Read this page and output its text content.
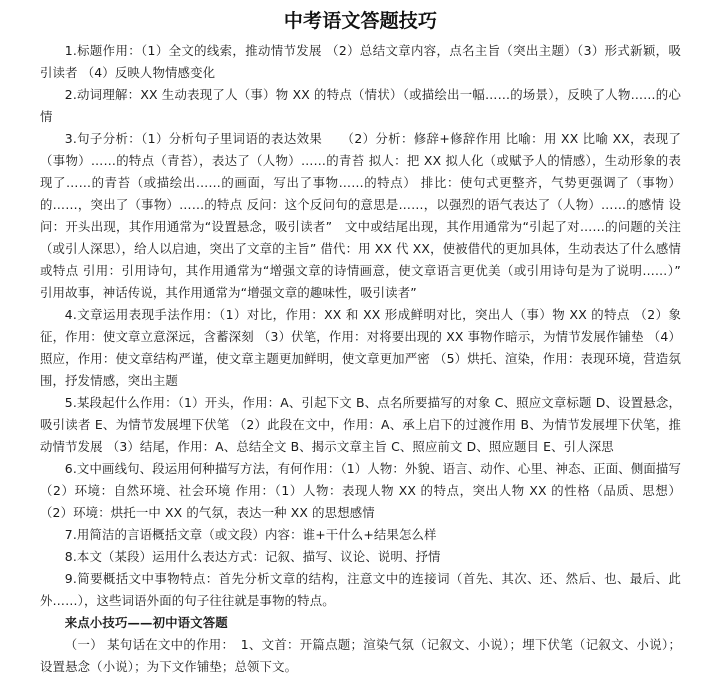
中考语文答题技巧

1.标题作用：（1）全文的线索，推动情节发展 （2）总结文章内容，点名主旨（突出主题）（3）形式新颖，吸引读者 （4）反映人物情感变化

2.动词理解：XX 生动表现了人（事）物 XX 的特点（情状）（或描绘出一幅……的场景），反映了人物……的心情

3.句子分析：（1）分析句子里词语的表达效果　　（2）分析：修辞+修辞作用 比喻：用 XX 比喻 XX，表现了（事物）……的特点（青苔），表达了（人物）……的青苔 拟人：把 XX 拟人化（或赋予人的情感），生动形象的表现了……的青苔（或描绘出……的画面，写出了事物……的特点） 排比：使句式更整齐，气势更强调了（事物）的……，突出了（事物）……的特点 反问：这个反问句的意思是……，以强烈的语气表达了（人物）……的感情 设问：开头出现，其作用通常为“设置悬念，吸引读者”　文中或结尾出现，其作用通常为“引起了对……的问题的关注（或引人深思），给人以启迪，突出了文章的主旨” 借代：用 XX 代 XX，使被借代的更加具体，生动表达了什么感情或特点 引用：引用诗句，其作用通常为“增强文章的诗情画意，使文章语言更优美（或引用诗句是为了说明……）”　引用故事，神话传说，其作用通常为“增强文章的趣味性，吸引读者”

4.文章运用表现手法作用：（1）对比，作用：XX 和 XX 形成鲜明对比，突出人（事）物 XX 的特点 （2）象征，作用：使文章立意深远，含蓄深刻 （3）伏笔，作用：对将要出现的 XX 事物作暗示，为情节发展作铺垫 （4）照应，作用：使文章结构严谨，使文章主题更加鲜明，使文章更加严密 （5）烘托、渲染，作用：表现环境，营造氛围，抒发情感，突出主题

5.某段起什么作用：（1）开头，作用：A、引起下文 B、点名所要描写的对象 C、照应文章标题 D、设置悬念，吸引读者 E、为情节发展埋下伏笔 （2）此段在文中，作用：A、承上启下的过渡作用 B、为情节发展埋下伏笔，推动情节发展 （3）结尾，作用：A、总结全文 B、揭示文章主旨 C、照应前文 D、照应题目 E、引人深思

6.文中画线句、段运用何种描写方法，有何作用：（1）人物：外貌、语言、动作、心里、神态、正面、侧面描写 （2）环境：自然环境、社会环境 作用：（1）人物：表现人物 XX 的特点，突出人物 XX 的性格（品质、思想） （2）环境：烘托一中 XX 的气氛，表达一种 XX 的思想感情

7.用简洁的言语概括文章（或文段）内容：谁+干什么+结果怎么样

8.本文（某段）运用什么表达方式：记叙、描写、议论、说明、抒情

9.简要概括文中事物特点：首先分析文章的结构，注意文中的连接词（首先、其次、还、然后、也、最后、此外……），这些词语外面的句子往往就是事物的特点。

来点小技巧——初中语文答题

（一） 某句话在文中的作用：　1、文首：开篇点题；渲染气氛（记叙文、小说）；埋下伏笔（记叙文、小说）；设置悬念（小说）；为下文作铺垫；总领下文。
